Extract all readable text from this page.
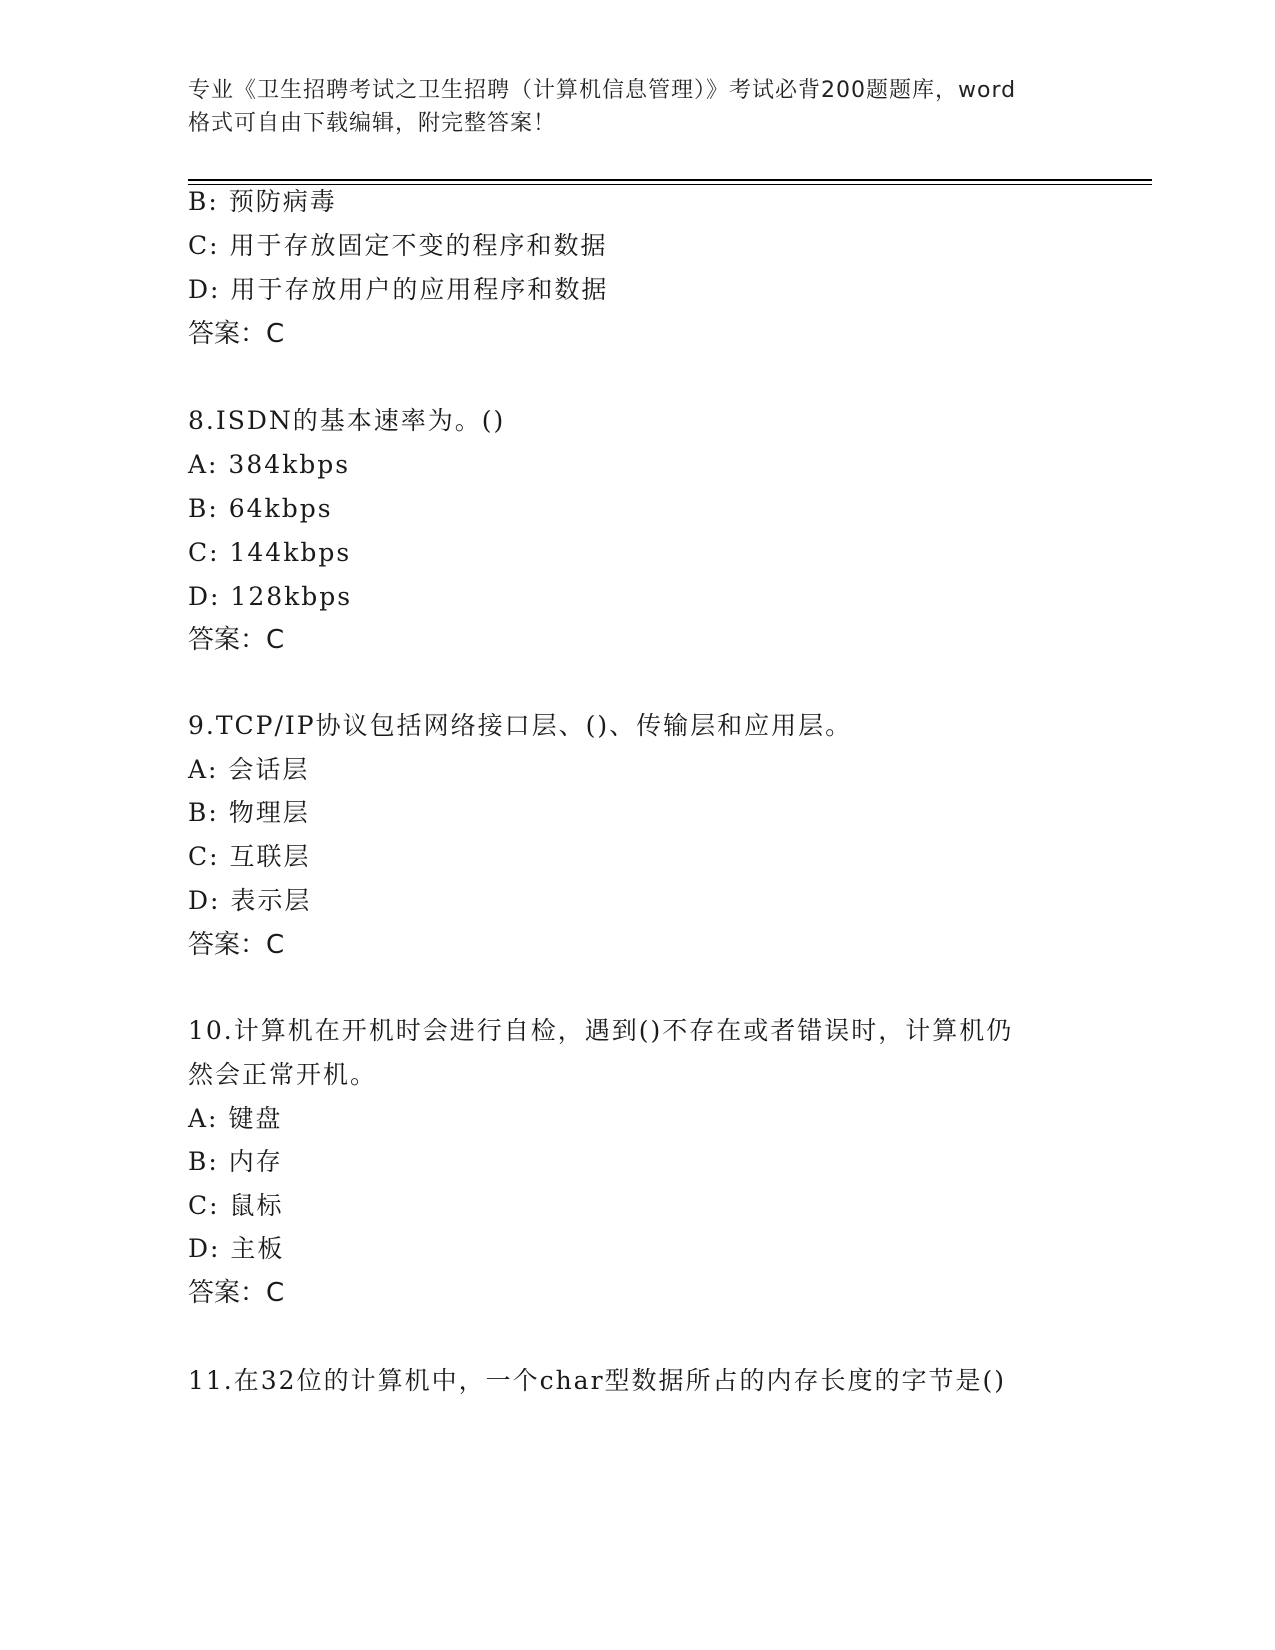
专业《卫生招聘考试之卫生招聘（计算机信息管理）》考试必背200题题库，word
格式可自由下载编辑，附完整答案！
B: 预防病毒
C: 用于存放固定不变的程序和数据
D: 用于存放用户的应用程序和数据
答案：C
8.ISDN的基本速率为。()
A: 384kbps
B: 64kbps
C: 144kbps
D: 128kbps
答案：C
9.TCP/IP协议包括网络接口层、()、传输层和应用层。
A: 会话层
B: 物理层
C: 互联层
D: 表示层
答案：C
10.计算机在开机时会进行自检，遇到()不存在或者错误时，计算机仍
然会正常开机。
A: 键盘
B: 内存
C: 鼠标
D: 主板
答案：C
11.在32位的计算机中，一个char型数据所占的内存长度的字节是()
